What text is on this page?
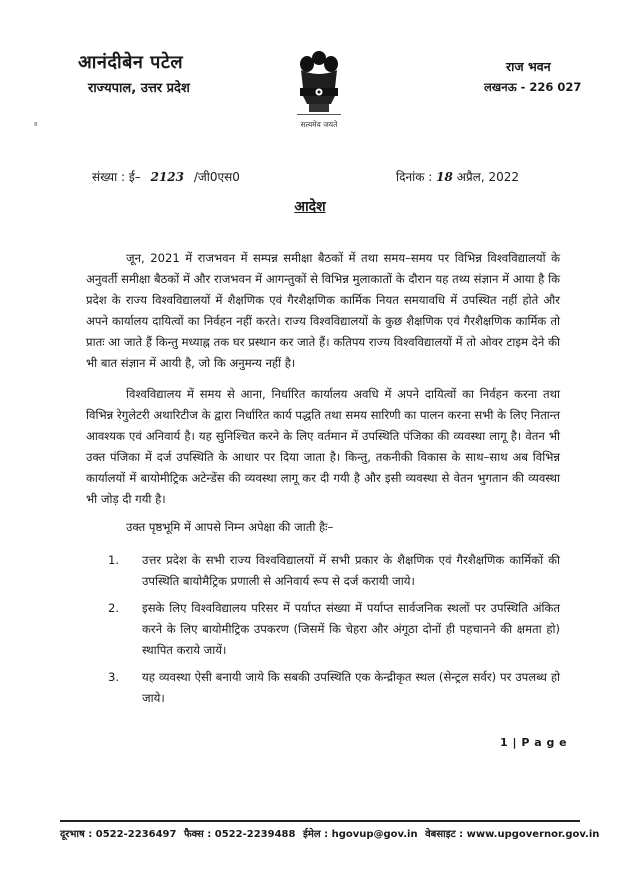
आनंदीबेन पटेल
राज्यपाल, उत्तर प्रदेश
सत्यमेव जयते
राज भवन
लखनऊ - 226 027
⁸
संख्या : ई– 2123 /जी0एस0	दिनांक : 18 अप्रैल, 2022
आदेश
जून, 2021 में राजभवन में सम्पन्न समीक्षा बैठकों में तथा समय–समय पर विभिन्न विश्वविद्यालयों के अनुवर्ती समीक्षा बैठकों में और राजभवन में आगन्तुकों से विभिन्न मुलाकातों के दौरान यह तथ्य संज्ञान में आया है कि प्रदेश के राज्य विश्वविद्यालयों में शैक्षणिक एवं गैरशैक्षणिक कार्मिक नियत समयावधि में उपस्थित नहीं होते और अपने कार्यालय दायित्वों का निर्वहन नहीं करते। राज्य विश्वविद्यालयों के कुछ शैक्षणिक एवं गैरशैक्षणिक कार्मिक तो प्रातः आ जाते हैं किन्तु मध्याह्न तक घर प्रस्थान कर जाते हैं। कतिपय राज्य विश्वविद्यालयों में तो ओवर टाइम देने की भी बात संज्ञान में आयी है, जो कि अनुमन्य नहीं है।
विश्वविद्यालय में समय से आना, निर्धारित कार्यालय अवधि में अपने दायित्वों का निर्वहन करना तथा विभिन्न रेगुलेटरी अथारिटीज के द्वारा निर्धारित कार्य पद्धति तथा समय सारिणी का पालन करना सभी के लिए नितान्त आवश्यक एवं अनिवार्य है। यह सुनिश्चित करने के लिए वर्तमान में उपस्थिति पंजिका की व्यवस्था लागू है। वेतन भी उक्त पंजिका में दर्ज उपस्थिति के आधार पर दिया जाता है। किन्तु, तकनीकी विकास के साथ–साथ अब विभिन्न कार्यालयों में बायोमीट्रिक अटेन्डेंस की व्यवस्था लागू कर दी गयी है और इसी व्यवस्था से वेतन भुगतान की व्यवस्था भी जोड़ दी गयी है।
उक्त पृष्ठभूमि में आपसे निम्न अपेक्षा की जाती हैः–
1. उत्तर प्रदेश के सभी राज्य विश्वविद्यालयों में सभी प्रकार के शैक्षणिक एवं गैरशैक्षणिक कार्मिकों की उपस्थिति बायोमैट्रिक प्रणाली से अनिवार्य रूप से दर्ज करायी जाये।
2. इसके लिए विश्वविद्यालय परिसर में पर्याप्त संख्या में पर्याप्त सार्वजनिक स्थलों पर उपस्थिति अंकित करने के लिए बायोमीट्रिक उपकरण (जिसमें कि चेहरा और अंगूठा दोनों ही पहचानने की क्षमता हो) स्थापित कराये जायें।
3. यह व्यवस्था ऐसी बनायी जाये कि सबकी उपस्थिति एक केन्द्रीकृत स्थल (सेन्ट्रल सर्वर) पर उपलब्ध हो जाये।
1 | P a g e
दूरभाष : 0522-2236497 फैक्स : 0522-2239488 ईमेल : hgovup@gov.in वेबसाइट : www.upgovernor.gov.in
